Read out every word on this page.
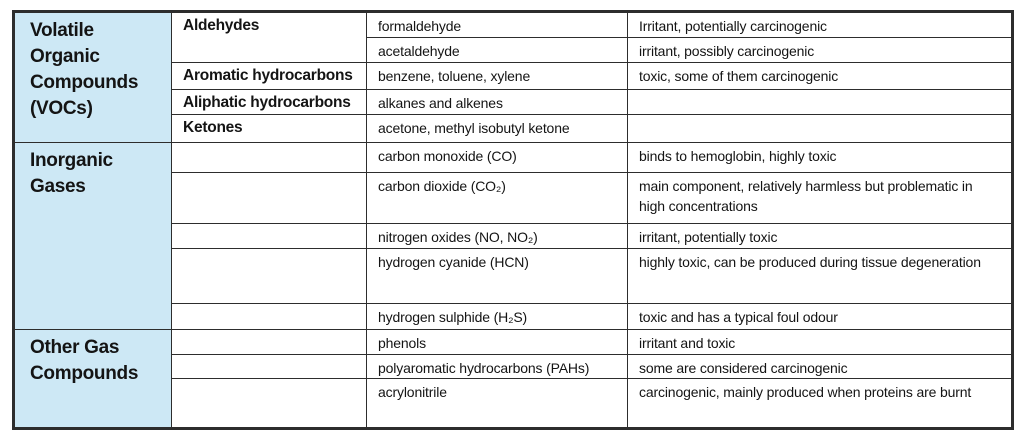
Volatile
Organic
Compounds
(VOCs)	Aldehydes	formaldehyde	Irritant, potentially carcinogenic

		acetaldehyde	irritant, possibly carcinogenic

	Aromatic hydrocarbons	benzene, toluene, xylene	toxic, some of them carcinogenic

	Aliphatic hydrocarbons	alkanes and alkenes	

	Ketones	acetone, methyl isobutyl ketone	

Inorganic
Gases		carbon monoxide (CO)	binds to hemoglobin, highly toxic

		carbon dioxide (CO₂)	main component, relatively harmless but problematic in high concentrations

		nitrogen oxides (NO, NO₂)	irritant, potentially toxic

		hydrogen cyanide (HCN)	highly toxic, can be produced during tissue degeneration

		hydrogen sulphide (H₂S)	toxic and has a typical foul odour

Other Gas
Compounds		phenols	irritant and toxic

		polyaromatic hydrocarbons (PAHs)	some are considered carcinogenic

		acrylonitrile	carcinogenic, mainly produced when proteins are burnt
